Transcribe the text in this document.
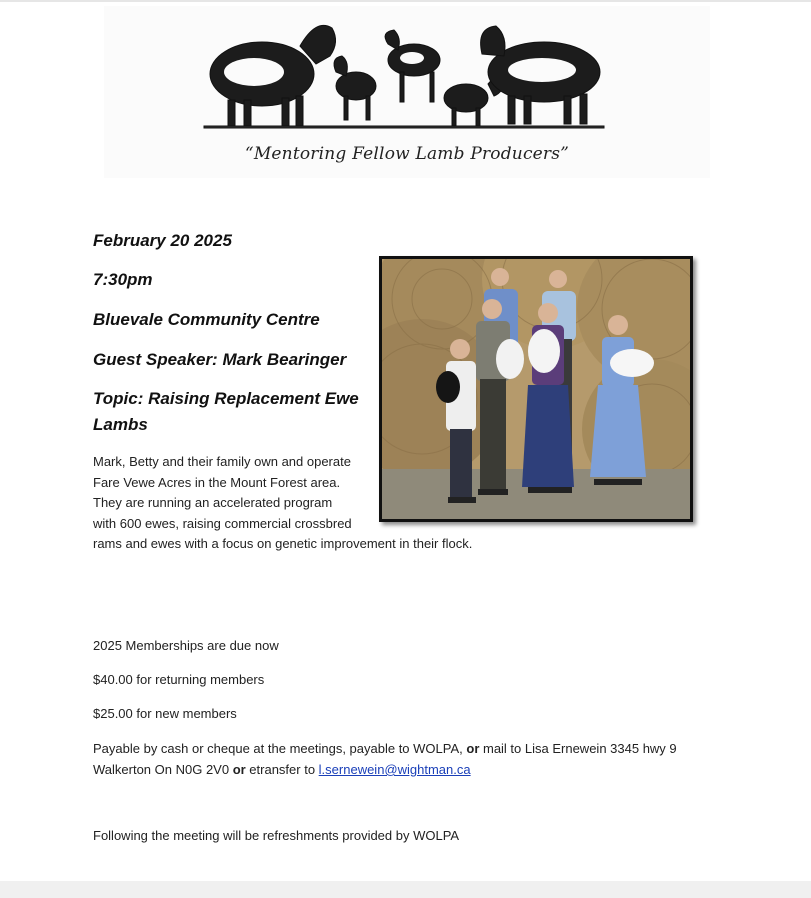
“Mentoring Fellow Lamb Producers”
February 20 2025
7:30pm
Bluevale Community Centre
Guest Speaker: Mark Bearinger
Topic: Raising Replacement Ewe Lambs
Mark, Betty and their family own and operate
Fare Vewe Acres in the Mount Forest area.
They are running an accelerated program
with 600 ewes, raising commercial crossbred
rams and ewes with a focus on genetic improvement in their flock.
2025 Memberships are due now
$40.00 for returning members
$25.00 for new members
Payable by cash or cheque at the meetings, payable to WOLPA, or mail to Lisa Ernewein 3345 hwy 9 Walkerton On N0G 2V0 or etransfer to l.sernewein@wightman.ca
Following the meeting will be refreshments provided by WOLPA
